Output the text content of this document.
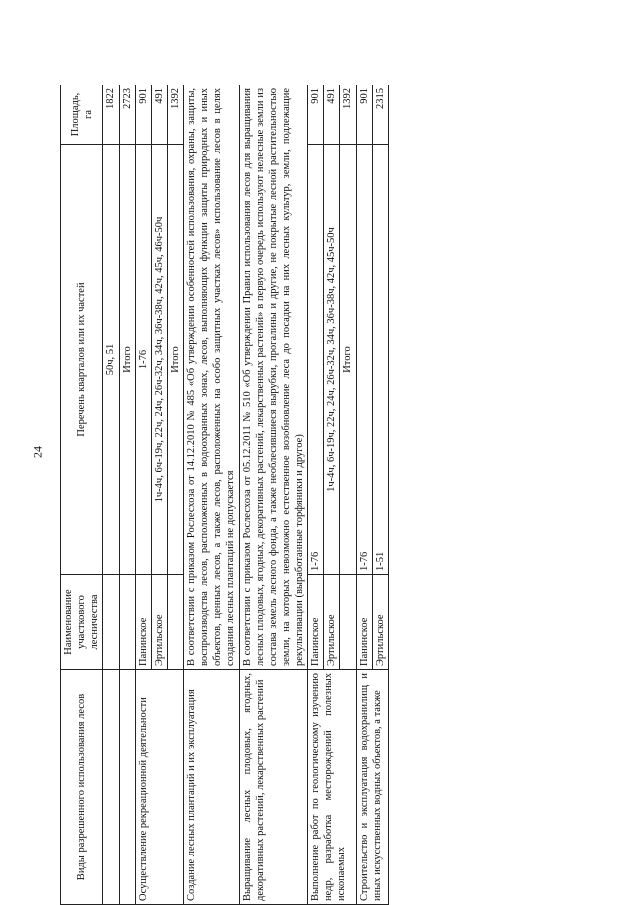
24
Виды разрешенного использования лесов	Наименование участкового лесничества	Перечень кварталов или их частей	Площадь, га
		50ч, 51	1822
		Итого	2723
Осуществление рекреационной деятельности	Панинское	1-76	901
	Эртильское	1ч-4ч, 6ч-19ч, 22ч, 24ч, 26ч-32ч, 34ч, 36ч-38ч, 42ч, 45ч, 46ч-50ч	491
		Итого	1392
Создание лесных плантаций и их эксплуатация	В соответствии с приказом Рослесхоза от 14.12.2010 № 485 «Об утверждении особенностей использования, охраны, защиты, воспроизводства лесов, расположенных в водоохранных зонах, лесов, выполняющих функции защиты природных и иных объектов, ценных лесов, а также лесов, расположенных на особо защитных участках лесов» использование лесов в целях создания лесных плантаций не допускается		
Выращивание лесных плодовых, ягодных, декоративных растений, лекарственных растений	В соответствии с приказом Рослесхоза от 05.12.2011 № 510 «Об утверждении Правил использования лесов для выращивания лесных плодовых, ягодных, декоративных растений, лекарственных растений» в первую очередь используют нелесные земли из состава земель лесного фонда, а также необлесившиеся вырубки, прогалины и другие, не покрытые лесной растительностью земли, на которых невозможно естественное возобновление леса до посадки на них лесных культур, земли, подлежащие рекультивации (выработанные торфяники и другое)		
Выполнение работ по геологическому изучению недр, разработка месторождений полезных ископаемых	Панинское	1-76	901
	Эртильское	1ч-4ч, 6ч-19ч, 22ч, 24ч, 26ч-32ч, 34ч, 36ч-38ч, 42ч, 45ч-50ч	491
		Итого	1392
Строительство и эксплуатация водохранилищ и иных искусственных водных объектов, а также	Панинское	1-76	901
	Эртильское	1-51	2315
